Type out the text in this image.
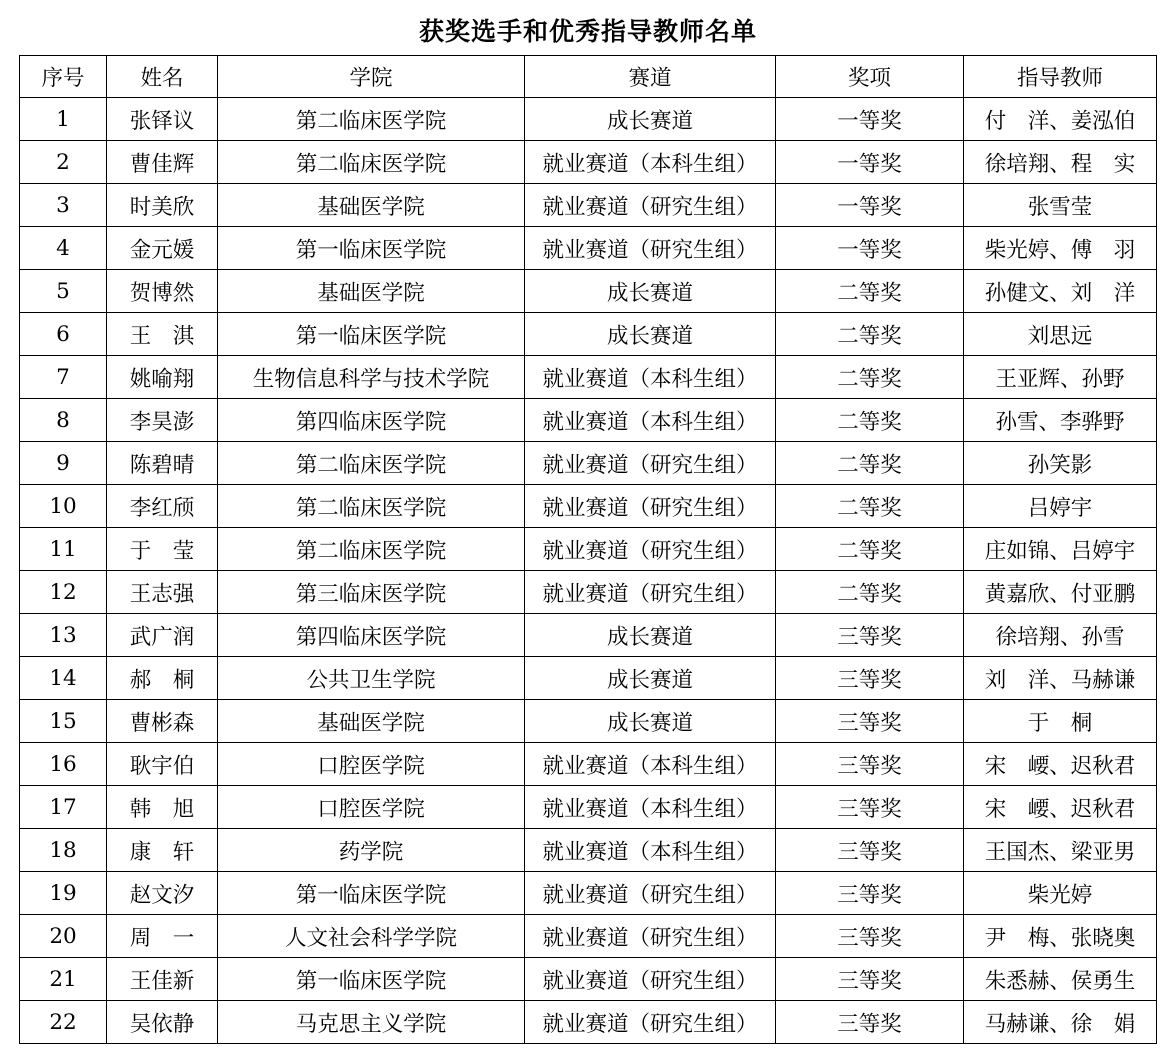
获奖选手和优秀指导教师名单
序号	姓名	学院	赛道	奖项	指导教师
1	张铎议	第二临床医学院	成长赛道	一等奖	付　洋、姜泓伯
2	曹佳辉	第二临床医学院	就业赛道（本科生组）	一等奖	徐培翔、程　实
3	时美欣	基础医学院	就业赛道（研究生组）	一等奖	张雪莹
4	金元媛	第一临床医学院	就业赛道（研究生组）	一等奖	柴光婷、傅　羽
5	贺博然	基础医学院	成长赛道	二等奖	孙健文、刘　洋
6	王　淇	第一临床医学院	成长赛道	二等奖	刘思远
7	姚喻翔	生物信息科学与技术学院	就业赛道（本科生组）	二等奖	王亚辉、孙野
8	李昊澎	第四临床医学院	就业赛道（本科生组）	二等奖	孙雪、李骅野
9	陈碧晴	第二临床医学院	就业赛道（研究生组）	二等奖	孙笑影
10	李红颀	第二临床医学院	就业赛道（研究生组）	二等奖	吕婷宇
11	于　莹	第二临床医学院	就业赛道（研究生组）	二等奖	庄如锦、吕婷宇
12	王志强	第三临床医学院	就业赛道（研究生组）	二等奖	黄嘉欣、付亚鹏
13	武广润	第四临床医学院	成长赛道	三等奖	徐培翔、孙雪
14	郝　桐	公共卫生学院	成长赛道	三等奖	刘　洋、马赫谦
15	曹彬森	基础医学院	成长赛道	三等奖	于　桐
16	耿宇伯	口腔医学院	就业赛道（本科生组）	三等奖	宋　崾、迟秋君
17	韩　旭	口腔医学院	就业赛道（本科生组）	三等奖	宋　崾、迟秋君
18	康　轩	药学院	就业赛道（本科生组）	三等奖	王国杰、梁亚男
19	赵文汐	第一临床医学院	就业赛道（研究生组）	三等奖	柴光婷
20	周　一	人文社会科学学院	就业赛道（研究生组）	三等奖	尹　梅、张晓奥
21	王佳新	第一临床医学院	就业赛道（研究生组）	三等奖	朱悉赫、侯勇生
22	吴依静	马克思主义学院	就业赛道（研究生组）	三等奖	马赫谦、徐　娟
